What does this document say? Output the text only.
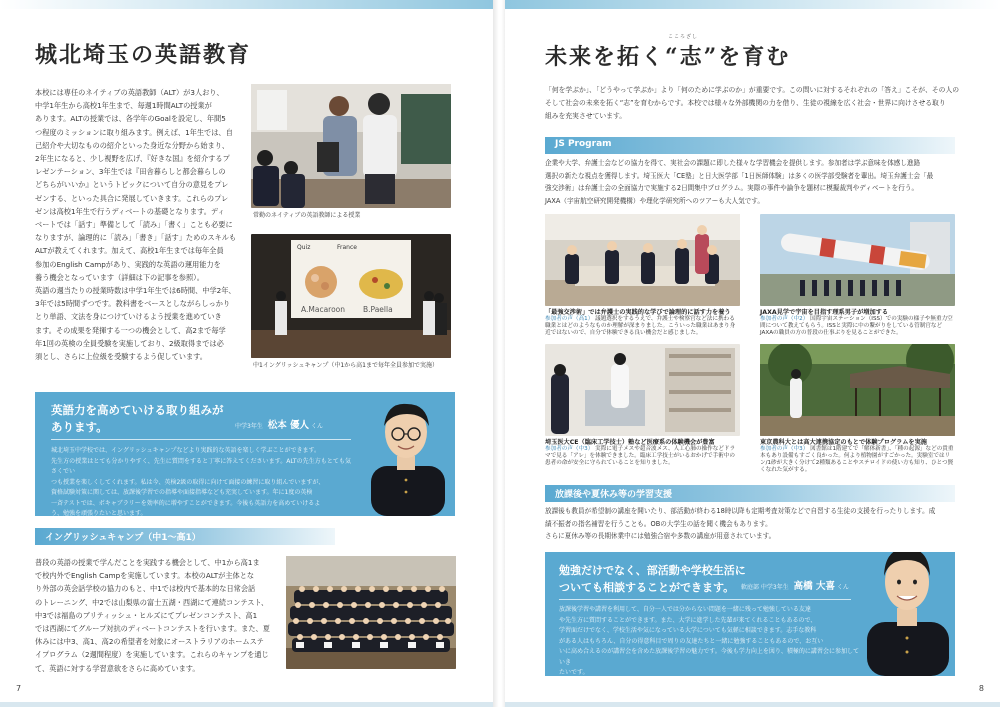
城北埼玉の英語教育
本校には専任のネイティブの英語教師（ALT）が3人おり、
中学1年生から高校1年生まで、毎週1時間ALTの授業が
あります。ALTの授業では、各学年のGoalを設定し、年間5
つ程度のミッションに取り組みます。例えば、1年生では、自
己紹介や大切なものの紹介といった身近な分野から始まり、
2年生になると、少し視野を広げ、『好きな国』を紹介するプ
レゼンテーション、3年生では『田舎暮らしと都会暮らしの
どちらがいいか』というトピックについて自分の意見をプレ
ゼンする、といった具合に発展していきます。これらのプレ
ゼンは高校1年生で行うディベートの基礎となります。ディ
ベートでは「話す」準備として「読み」「書く」ことも必要に
なりますが、論理的に「読み」「書き」「話す」ためのスキルも
ALTが教えてくれます。加えて、高校1年生までは毎年全員
参加のEnglish Campがあり、実践的な英語の運用能力を
養う機会となっています（詳細は下の記事を参照）。
英語の週当たりの授業時数は中学1年生では6時間、中学2年、
3年では5時間ずつです。教科書をベースとしながらしっかり
とり単語、文法を身につけていけるよう授業を進めていき
ます。その成果を発揮する一つの機会として、高2まで毎学
年1回の英検の全員受験を実施しており、2級取得までは必
須とし、さらに上位級を受験するよう促しています。

常勤のネイティブの英語教師による授業

Quiz	France
A.Macaroon B.Paella

中1イングリッシュキャンプ（中1から高1まで毎年全員参加で実施）

英語力を高めていける取り組みが
あります。	中学3年生 松本 優人 くん
城北埼玉中学校では、イングリッシュキャンプなどより実践的な英語を楽しく学ぶことができます。
先生方の授業はとても分かりやすく、先生に質問をすると丁寧に答えてくださいます。ALTの先生方もとても気さくでい
つも授業を楽しくしてくれます。私は今、英検2級の取得に向けて面接の練習に取り組んでいますが、
資格試験対策に関しては、放課後学習での指導や面接指導なども充実しています。年に1度の英検
一斉テストでは、ボキャブラリーを効率的に増やすことができます。今後も英語力を高めていけるよ
う、勉強を頑張りたいと思います。
イングリッシュキャンプ（中1～高1）
普段の英語の授業で学んだことを実践する機会として、中1から高1ま
で校内外でEnglish Campを実施しています。本校のALTが主体とな
り外部の英会話学校の協力のもと、中1では校内で基本的な日常会話
のトレーニング、中2では山梨県の富士五湖・西湖にて連続コンテスト、
中3では福島のブリティッシュ・ヒルズにてプレゼンコンテスト、高1
では西湖にてグループ対抗のディベートコンテストを行います。また、夏
休みには中3、高1、高2の希望者を対象にオーストラリアのホームステ
イプログラム（2週間程度）を実施しています。これらのキャンプを通じ
て、英語に対する学習意欲をさらに高めています。
7
こころざし
未来を拓く“志”を育む
「何を学ぶか」、「どうやって学ぶか」より「何のために学ぶのか」が重要です。この問いに対するそれぞれの「答え」こそが、その人の
そして社会の未来を拓く“志”を育むからです。本校では様々な外部機関の力を借り、生徒の視線を広く社会・世界に向けさせる取り
組みを充実させています。
JS Program
企業や大学、弁護士会などの協力を得て、実社会の課題に即した様々な学習機会を提供します。参加者は学ぶ意味を体感し進路
選択の新たな視点を獲得します。埼玉医大「CE塾」と日大医学部「1日医師体験」は多くの医学部受験者を輩出。埼玉弁護士会「最
強交渉術」は弁護士会の全面協力で実施する2日間集中プログラム。実際の事件や論争を題材に模擬裁判やディベートを行う。
JAXA（宇宙航空研究開発機構）や理化学研究所へのツアーも大人気です。
「最強交渉術」では弁護士の実践的な学びで論理的に話す力を養う
参加者の声（高1） 議題選択をするうえで、弁護士や検察官など法に携わる職業とはどのようなものか理解が深まりました。こういった職業はあまり身近ではないので、自分で体験できる良い機会だと感じました。
JAXA見学で宇宙を目指す理系男子が増加する
参加者の声（中2） 国際宇宙ステーション（ISS）での実験の様子や無重力空間について教えてもらう。ISSと実際に中の繋がりをしている管制官などJAXAの職員の方の普段の仕事ぶりを見ることができた。
埼玉医大CE（臨床工学技士）塾など医療系の体験機会が豊富
参加者の声（中3） 実際に電子メスや超音波メス、人工心肺の操作などドラマで見る「アレ」を体験できました。臨床工学技士がいるおかげで手術中の患者の命が安全に守られていることを知りました。
東京農科大とは高大連携協定のもとで体験プログラムを実施
参加者の声（中3） 図書館は1階建てで「解体新書」、「種の起源」などの貴重本もあり設備もすごく良かった。何より植物園がすごかった。実験室ではリン/1砂が大きく分けて2種類あることやステロイドの使い方も知り、ひとつ賢くなれた気がする。
放課後や夏休み等の学習支援
放課後も教員が希望制の講座を開いたり、部活動が終わる18時以降も定期考査対策などで自習する生徒の支援を行ったりします。成
績不振者の指名補習を行うことも。OBの大学生の話を聞く機会もあります。
さらに夏休み等の長期休業中には勉強合宿や多数の講座が用意されています。

勉強だけでなく、部活動や学校生活に
ついても相談することができます。	軟庭部 中学3年生 高橋 大喜 くん
放課後学習や講習を利用して、自分一人では分からない問題を一緒に残って勉強している友達
や先生方に質問することができます。また、大学に進学した先輩が来てくれることもあるので、
学習面だけでなく、学校生活や気になっている大学についても気軽に相談できます。志手な教科
がある人はもちろん、自分の得意科目で周りの友達たちと一緒に勉強することもあるので、お互い
いに高め合えるのが講習会を含めた放課後学習の魅力です。今後も学力向上を図り、積極的に講習会に参加していき
たいです。
8
